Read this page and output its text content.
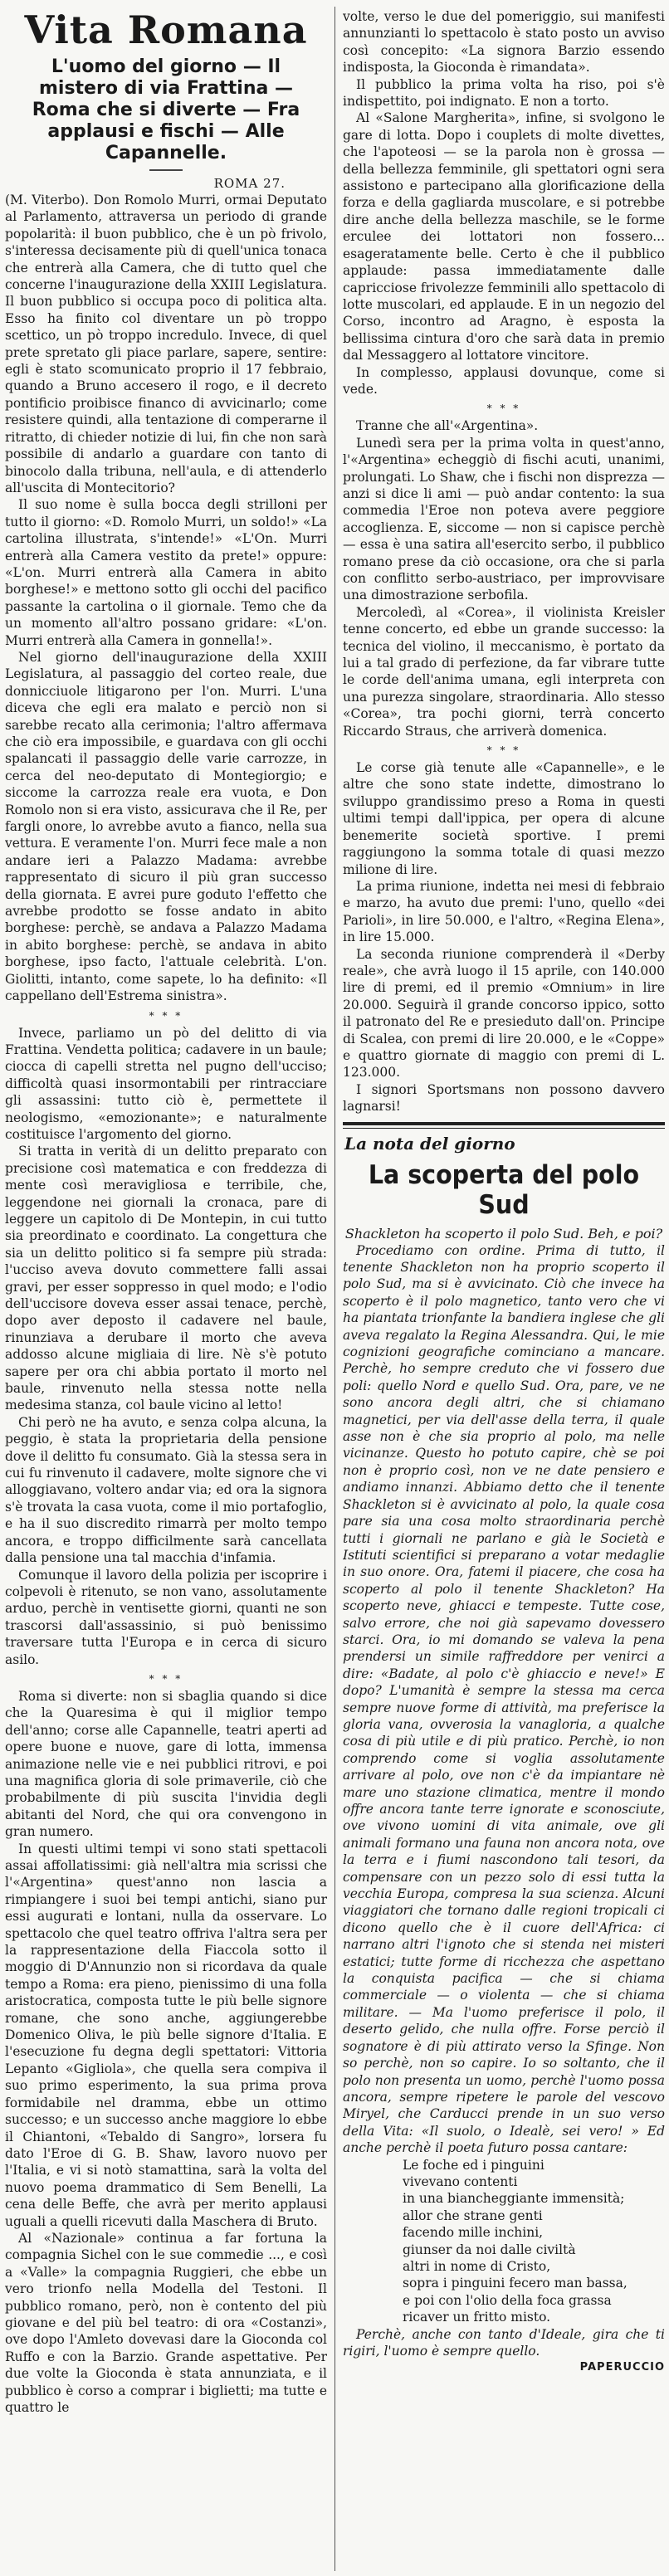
Vita Romana
L'uomo del giorno — Il mistero di via Frattina — Roma che si diverte — Fra applausi e fischi — Alle Capannelle.
ROMA 27.

(M. Viterbo). Don Romolo Murri, ormai Deputato al Parlamento, attraversa un periodo di grande popolarità: il buon pubblico, che è un pò frivolo, s'interessa decisamente più di quell'unica tonaca che entrerà alla Camera, che di tutto quel che concerne l'inaugurazione della XXIII Legislatura. Il buon pubblico si occupa poco di politica alta. Esso ha finito col diventare un pò troppo scettico, un pò troppo incredulo. Invece, di quel prete spretato gli piace parlare, sapere, sentire: egli è stato scomunicato proprio il 17 febbraio, quando a Bruno accesero il rogo, e il decreto pontificio proibisce financo di avvicinarlo; come resistere quindi, alla tentazione di comperarne il ritratto, di chieder notizie di lui, fin che non sarà possibile di andarlo a guardare con tanto di binocolo dalla tribuna, nell'aula, e di attenderlo all'uscita di Montecitorio?

Il suo nome è sulla bocca degli strilloni per tutto il giorno: «D. Romolo Murri, un soldo!» «La cartolina illustrata, s'intende!» «L'On. Murri entrerà alla Camera vestito da prete!» oppure: «L'on. Murri entrerà alla Camera in abito borghese!» e mettono sotto gli occhi del pacifico passante la cartolina o il giornale. Temo che da un momento all'altro possano gridare: «L'on. Murri entrerà alla Camera in gonnella!».

Nel giorno dell'inaugurazione della XXIII Legislatura, al passaggio del corteo reale, due donnicciuole litigarono per l'on. Murri. L'una diceva che egli era malato e perciò non si sarebbe recato alla cerimonia; l'altro affermava che ciò era impossibile, e guardava con gli occhi spalancati il passaggio delle varie carrozze, in cerca del neo-deputato di Montegiorgio; e siccome la carrozza reale era vuota, e Don Romolo non si era visto, assicurava che il Re, per fargli onore, lo avrebbe avuto a fianco, nella sua vettura. E veramente l'on. Murri fece male a non andare ieri a Palazzo Madama: avrebbe rappresentato di sicuro il più gran successo della giornata. E avrei pure goduto l'effetto che avrebbe prodotto se fosse andato in abito borghese: perchè, se andava a Palazzo Madama in abito borghese: perchè, se andava in abito borghese, ipso facto, l'attuale celebrità. L'on. Giolitti, intanto, come sapete, lo ha definito: «Il cappellano dell'Estrema sinistra».

* * *

Invece, parliamo un pò del delitto di via Frattina. Vendetta politica; cadavere in un baule; ciocca di capelli stretta nel pugno dell'ucciso; difficoltà quasi insormontabili per rintracciare gli assassini: tutto ciò è, permettete il neologismo, «emozionante»; e naturalmente costituisce l'argomento del giorno.

Si tratta in verità di un delitto preparato con precisione così matematica e con freddezza di mente così meravigliosa e terribile, che, leggendone nei giornali la cronaca, pare di leggere un capitolo di De Montepin, in cui tutto sia preordinato e coordinato. La congettura che sia un delitto politico si fa sempre più strada: l'ucciso aveva dovuto commettere falli assai gravi, per esser soppresso in quel modo; e l'odio dell'uccisore doveva esser assai tenace, perchè, dopo aver deposto il cadavere nel baule, rinunziava a derubare il morto che aveva addosso alcune migliaia di lire. Nè s'è potuto sapere per ora chi abbia portato il morto nel baule, rinvenuto nella stessa notte nella medesima stanza, col baule vicino al letto!

Chi però ne ha avuto, e senza colpa alcuna, la peggio, è stata la proprietaria della pensione dove il delitto fu consumato. Già la stessa sera in cui fu rinvenuto il cadavere, molte signore che vi alloggiavano, voltero andar via; ed ora la signora s'è trovata la casa vuota, come il mio portafoglio, e ha il suo discredito rimarrà per molto tempo ancora, e troppo difficilmente sarà cancellata dalla pensione una tal macchia d'infamia.

Comunque il lavoro della polizia per iscoprire i colpevoli è ritenuto, se non vano, assolutamente arduo, perchè in ventisette giorni, quanti ne son trascorsi dall'assassinio, si può benissimo traversare tutta l'Europa e in cerca di sicuro asilo.

* * *

Roma si diverte: non si sbaglia quando si dice che la Quaresima è qui il miglior tempo dell'anno; corse alle Capannelle, teatri aperti ad opere buone e nuove, gare di lotta, immensa animazione nelle vie e nei pubblici ritrovi, e poi una magnifica gloria di sole primaverile, ciò che probabilmente di più suscita l'invidia degli abitanti del Nord, che qui ora convengono in gran numero.

In questi ultimi tempi vi sono stati spettacoli assai affollatissimi: già nell'altra mia scrissi che l'«Argentina» quest'anno non lascia a rimpiangere i suoi bei tempi antichi, siano pur essi augurati e lontani, nulla da osservare. Lo spettacolo che quel teatro offriva l'altra sera per la rappresentazione della Fiaccola sotto il moggio di D'Annunzio non si ricordava da quale tempo a Roma: era pieno, pienissimo di una folla aristocratica, composta tutte le più belle signore romane, che sono anche, aggiungerebbe Domenico Oliva, le più belle signore d'Italia. E l'esecuzione fu degna degli spettatori: Vittoria Lepanto «Gigliola», che quella sera compiva il suo primo esperimento, la sua prima prova formidabile nel dramma, ebbe un ottimo successo; e un successo anche maggiore lo ebbe il Chiantoni, «Tebaldo di Sangro», lorsera fu dato l'Eroe di G. B. Shaw, lavoro nuovo per l'Italia, e vi si notò stamattina, sarà la volta del nuovo poema drammatico di Sem Benelli, La cena delle Beffe, che avrà per merito applausi uguali a quelli ricevuti dalla Maschera di Bruto.

Al «Nazionale» continua a far fortuna la compagnia Sichel con le sue commedie ..., e così a «Valle» la compagnia Ruggieri, che ebbe un vero trionfo nella Modella del Testoni. Il pubblico romano, però, non è contento del più giovane e del più bel teatro: di ora «Costanzi», ove dopo l'Amleto dovevasi dare la Gioconda col Ruffo e con la Barzio. Grande aspettative. Per due volte la Gioconda è stata annunziata, e il pubblico è corso a comprar i biglietti; ma tutte e quattro le

volte, verso le due del pomeriggio, sui manifesti annunzianti lo spettacolo è stato posto un avviso così concepito: «La signora Barzio essendo indisposta, la Gioconda è rimandata».

Il pubblico la prima volta ha riso, poi s'è indispettito, poi indignato. E non a torto.

Al «Salone Margherita», infine, si svolgono le gare di lotta. Dopo i couplets di molte divettes, che l'apoteosi — se la parola non è grossa — della bellezza femminile, gli spettatori ogni sera assistono e partecipano alla glorificazione della forza e della gagliarda muscolare, e si potrebbe dire anche della bellezza maschile, se le forme erculee dei lottatori non fossero... esageratamente belle. Certo è che il pubblico applaude: passa immediatamente dalle capricciose frivolezze femminili allo spettacolo di lotte muscolari, ed applaude. E in un negozio del Corso, incontro ad Aragno, è esposta la bellissima cintura d'oro che sarà data in premio dal Messaggero al lottatore vincitore.

In complesso, applausi dovunque, come si vede.

* * *

Tranne che all'«Argentina».

Lunedì sera per la prima volta in quest'anno, l'«Argentina» echeggiò di fischi acuti, unanimi, prolungati. Lo Shaw, che i fischi non disprezza — anzi si dice li ami — può andar contento: la sua commedia l'Eroe non poteva avere peggiore accoglienza. E, siccome — non si capisce perchè — essa è una satira all'esercito serbo, il pubblico romano prese da ciò occasione, ora che si parla con conflitto serbo-austriaco, per improvvisare una dimostrazione serbofila.

Mercoledì, al «Corea», il violinista Kreisler tenne concerto, ed ebbe un grande successo: la tecnica del violino, il meccanismo, è portato da lui a tal grado di perfezione, da far vibrare tutte le corde dell'anima umana, egli interpreta con una purezza singolare, straordinaria. Allo stesso «Corea», tra pochi giorni, terrà concerto Riccardo Straus, che arriverà domenica.

* * *

Le corse già tenute alle «Capannelle», e le altre che sono state indette, dimostrano lo sviluppo grandissimo preso a Roma in questi ultimi tempi dall'ippica, per opera di alcune benemerite società sportive. I premi raggiungono la somma totale di quasi mezzo milione di lire.

La prima riunione, indetta nei mesi di febbraio e marzo, ha avuto due premi: l'uno, quello «dei Parioli», in lire 50.000, e l'altro, «Regina Elena», in lire 15.000.

La seconda riunione comprenderà il «Derby reale», che avrà luogo il 15 aprile, con 140.000 lire di premi, ed il premio «Omnium» in lire 20.000. Seguirà il grande concorso ippico, sotto il patronato del Re e presieduto dall'on. Principe di Scalea, con premi di lire 20.000, e le «Coppe» e quattro giornate di maggio con premi di L. 123.000.

I signori Sportsmans non possono davvero lagnarsi!

La nota del giorno
La scoperta del polo Sud
Shackleton ha scoperto il polo Sud. Beh, e poi?

Procediamo con ordine. Prima di tutto, il tenente Shackleton non ha proprio scoperto il polo Sud, ma si è avvicinato. Ciò che invece ha scoperto è il polo magnetico, tanto vero che vi ha piantata trionfante la bandiera inglese che gli aveva regalato la Regina Alessandra. Qui, le mie cognizioni geografiche cominciano a mancare. Perchè, ho sempre creduto che vi fossero due poli: quello Nord e quello Sud. Ora, pare, ve ne sono ancora degli altri, che si chiamano magnetici, per via dell'asse della terra, il quale asse non è che sia proprio al polo, ma nelle vicinanze. Questo ho potuto capire, chè se poi non è proprio così, non ve ne date pensiero e andiamo innanzi. Abbiamo detto che il tenente Shackleton si è avvicinato al polo, la quale cosa pare sia una cosa molto straordinaria perchè tutti i giornali ne parlano e già le Società e Istituti scientifici si preparano a votar medaglie in suo onore. Ora, fatemi il piacere, che cosa ha scoperto al polo il tenente Shackleton? Ha scoperto neve, ghiacci e tempeste. Tutte cose, salvo errore, che noi già sapevamo dovessero starci. Ora, io mi domando se valeva la pena prendersi un simile raffreddore per venirci a dire: «Badate, al polo c'è ghiaccio e neve!» E dopo? L'umanità è sempre la stessa ma cerca sempre nuove forme di attività, ma preferisce la gloria vana, ovverosia la vanagloria, a qualche cosa di più utile e di più pratico. Perchè, io non comprendo come si voglia assolutamente arrivare al polo, ove non c'è da impiantare nè mare uno stazione climatica, mentre il mondo offre ancora tante terre ignorate e sconosciute, ove vivono uomini di vita animale, ove gli animali formano una fauna non ancora nota, ove la terra e i fiumi nascondono tali tesori, da compensare con un pezzo solo di essi tutta la vecchia Europa, compresa la sua scienza. Alcuni viaggiatori che tornano dalle regioni tropicali ci dicono quello che è il cuore dell'Africa: ci narrano altri l'ignoto che si stenda nei misteri estatici; tutte forme di ricchezza che aspettano la conquista pacifica — che si chiama commerciale — o violenta — che si chiama militare. — Ma l'uomo preferisce il polo, il deserto gelido, che nulla offre. Forse perciò il sognatore è di più attirato verso la Sfinge. Non so perchè, non so capire. Io so soltanto, che il polo non presenta un uomo, perchè l'uomo possa ancora, sempre ripetere le parole del vescovo Miryel, che Carducci prende in un suo verso della Vita: «Il suolo, o Idealè, sei vero! » Ed anche perchè il poeta futuro possa cantare:

Le foche ed i pinguini
vivevano contenti
in una biancheggiante immensità;
allor che strane genti
facendo mille inchini,
giunser da noi dalle civiltà
altri in nome di Cristo,
sopra i pinguini fecero man bassa,
e poi con l'olio della foca grassa
ricaver un fritto misto.

Perchè, anche con tanto d'Ideale, gira che ti rigiri, l'uomo è sempre quello.

PAPERUCCIO
